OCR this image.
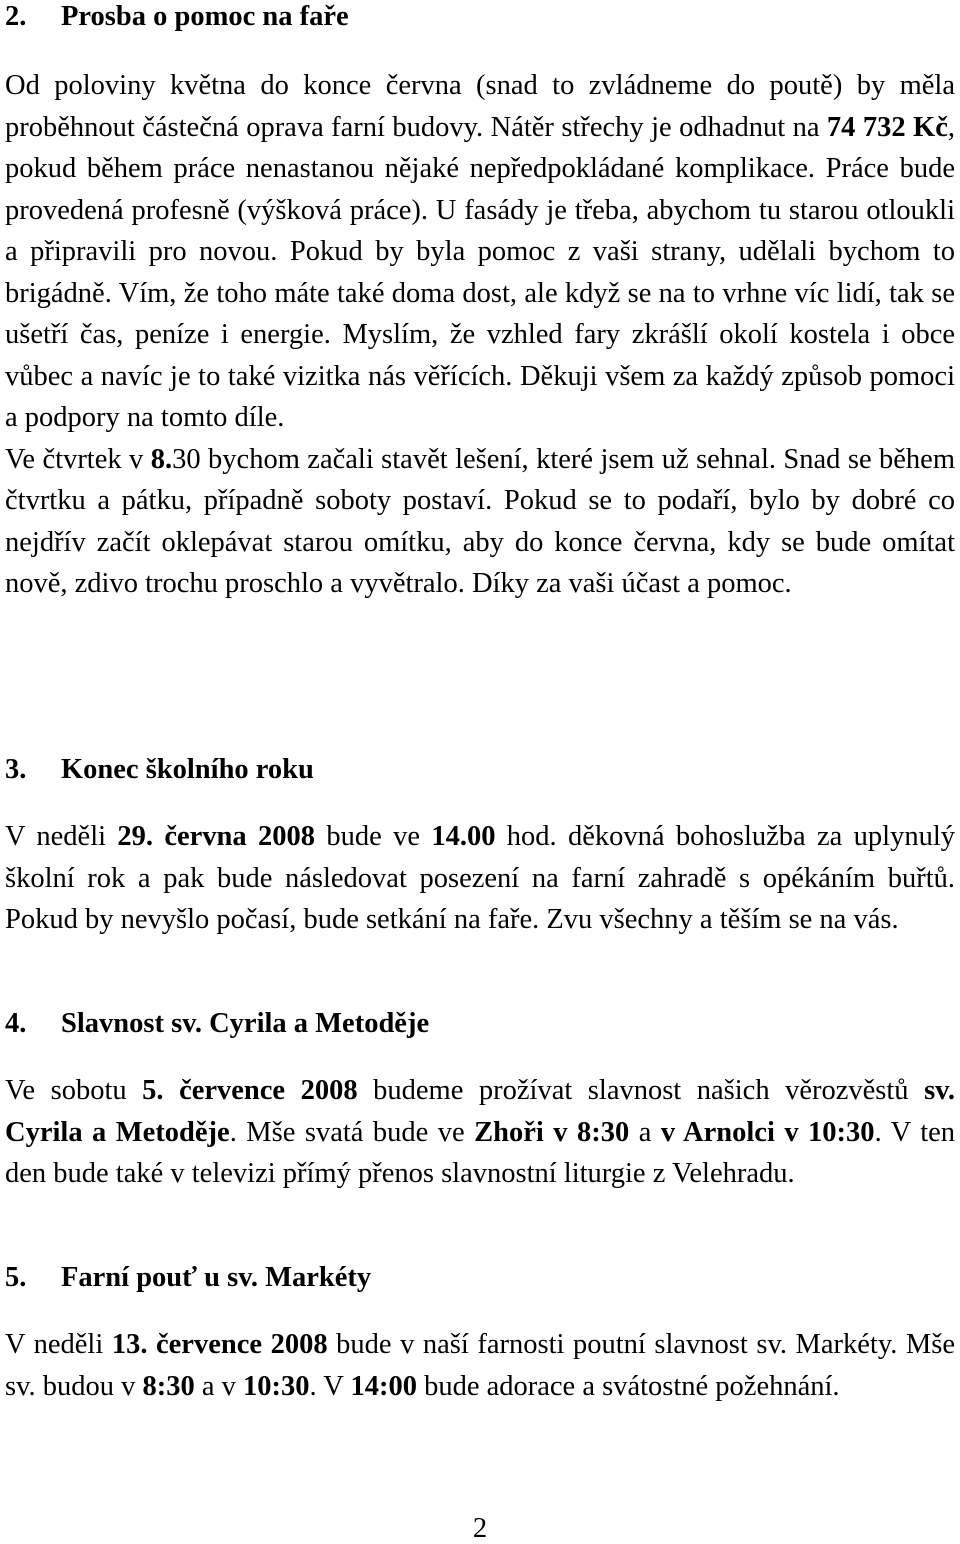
2. Prosba o pomoc na faře

Od poloviny května do konce června (snad to zvládneme do poutě) by měla proběhnout částečná oprava farní budovy. Nátěr střechy je odhadnut na 74 732 Kč, pokud během práce nenastanou nějaké nepředpokládané komplikace. Práce bude provedená profesně (výšková práce). U fasády je třeba, abychom tu starou otloukli a připravili pro novou. Pokud by byla pomoc z vaši strany, udělali bychom to brigádně. Vím, že toho máte také doma dost, ale když se na to vrhne víc lidí, tak se ušetří čas, peníze i energie. Myslím, že vzhled fary zkrášlí okolí kostela i obce vůbec a navíc je to také vizitka nás věřících. Děkuji všem za každý způsob pomoci a podpory na tomto díle.

Ve čtvrtek v 8.30 bychom začali stavět lešení, které jsem už sehnal. Snad se během čtvrtku a pátku, případně soboty postaví. Pokud se to podaří, bylo by dobré co nejdřív začít oklepávat starou omítku, aby do konce června, kdy se bude omítat nově, zdivo trochu proschlo a vyvětralo. Díky za vaši účast a pomoc.

3. Konec školního roku

V neděli 29. června 2008 bude ve 14.00 hod. děkovná bohoslužba za uplynulý školní rok a pak bude následovat posezení na farní zahradě s opékáním buřtů. Pokud by nevyšlo počasí, bude setkání na faře. Zvu všechny a těším se na vás.

4. Slavnost sv. Cyrila a Metoděje

Ve sobotu 5. července 2008 budeme prožívat slavnost našich věrozvěstů sv. Cyrila a Metoděje. Mše svatá bude ve Zhoři v 8:30 a v Arnolci v 10:30. V ten den bude také v televizi přímý přenos slavnostní liturgie z Velehradu.

5. Farní pouť u sv. Markéty

V neděli 13. července 2008 bude v naší farnosti poutní slavnost sv. Markéty. Mše sv. budou v 8:30 a v 10:30. V 14:00 bude adorace a svátostné požehnání.

2
